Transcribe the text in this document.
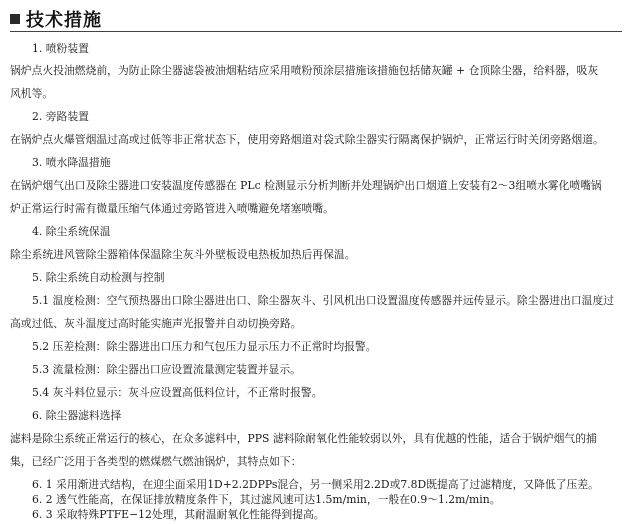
技术措施
1. 喷粉装置
锅炉点火投油燃烧前，为防止除尘器滤袋被油烟粘结应采用喷粉预涂层措施该措施包括储灰罐 + 仓顶除尘器，给料器，吸灰
风机等。
2. 旁路装置
在锅炉点火爆管烟温过高或过低等非正常状态下，使用旁路烟道对袋式除尘器实行隔离保护锅炉，正常运行时关闭旁路烟道。
3. 喷水降温措施
在锅炉烟气出口及除尘器进口安装温度传感器在 PLc 检测显示分析判断并处理锅炉出口烟道上安装有2～3组喷水雾化喷嘴锅
炉正常运行时需有微量压缩气体通过旁路管进入喷嘴避免堵塞喷嘴。
4. 除尘系统保温
除尘系统进风管除尘器箱体保温除尘灰斗外壁板设电热板加热后再保温。
5. 除尘系统自动检测与控制
5.1 温度检测：空气预热器出口除尘器进出口、除尘器灰斗、引风机出口设置温度传感器并远传显示。除尘器进出口温度过
高或过低、灰斗温度过高时能实施声光报警并自动切换旁路。
5.2 压差检测：除尘器进出口压力和气包压力显示压力不正常时均报警。
5.3 流量检测：除尘器出口应设置流量测定装置并显示。
5.4 灰斗料位显示：灰斗应设置高低料位计，不正常时报警。
6. 除尘器滤料选择
滤料是除尘系统正常运行的核心，在众多滤料中，PPS 滤料除耐氧化性能较弱以外，具有优越的性能，适合于锅炉烟气的捕
集，已经广泛用于各类型的燃煤燃气燃油锅炉，其特点如下：
6. 1 采用渐进式结构，在迎尘面采用1D+2.2DPPs混合，另一侧采用2.2D或7.8D既提高了过滤精度，又降低了压差。
6. 2 透气性能高，在保证排放精度条件下，其过滤风速可达1.5m/min，一般在0.9～1.2m/min。
6. 3 采取特殊PTFE−12处理，其耐温耐氧化性能得到提高。
